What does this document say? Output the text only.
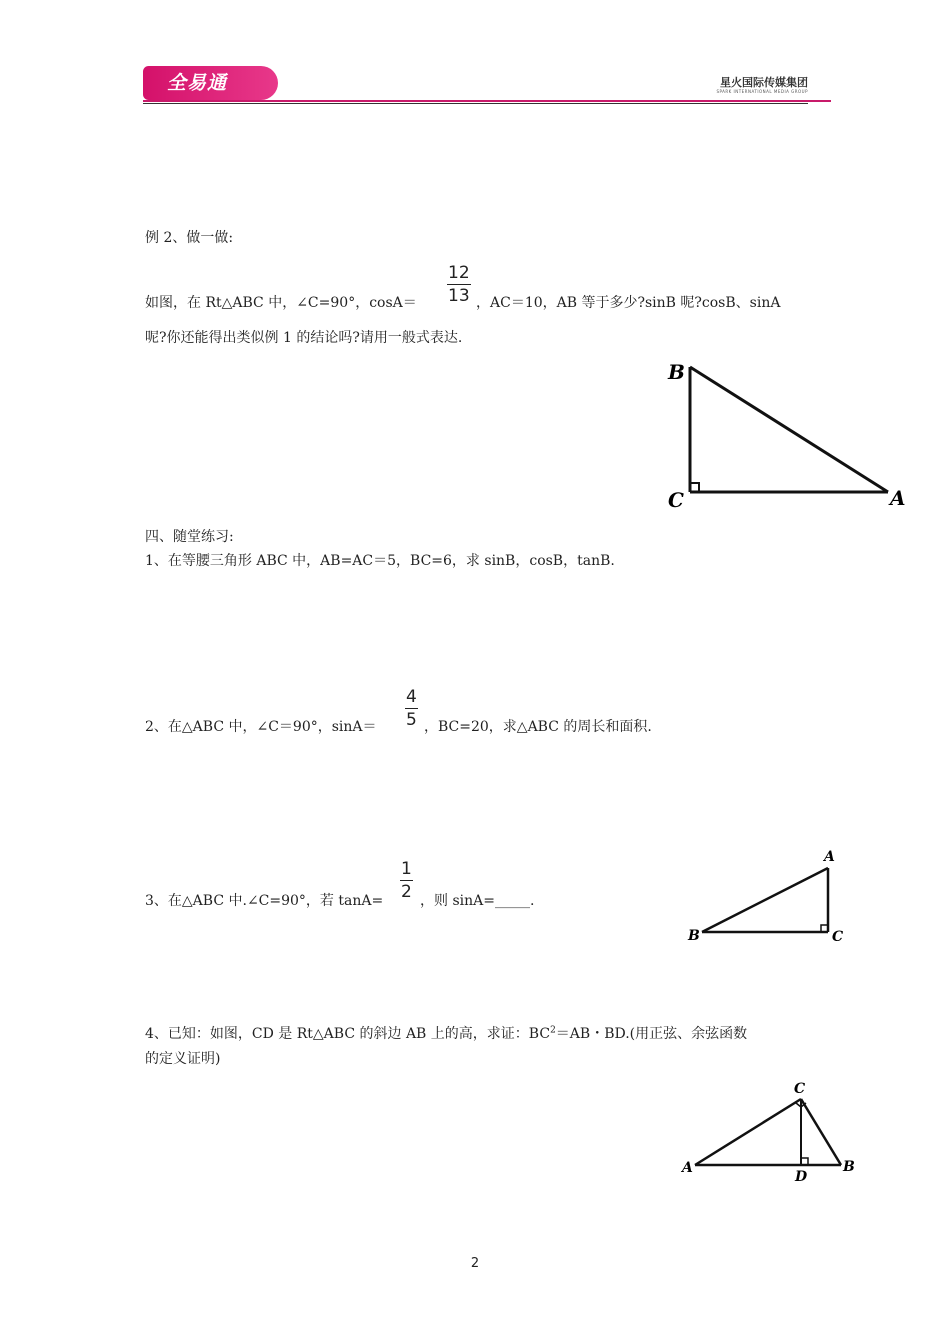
全易通	星火国际传媒集团
SPARK INTERNATIONAL MEDIA GROUP
例 2、做一做:
如图，在 Rt△ABC 中，∠C=90°，$\cos A= \frac{12}{13}$ ，AC＝10，AB 等于多少?sinB 呢?cosB、sinA
呢?你还能得出类似例 1 的结论吗?请用一般式表达.
B
C	A
四、随堂练习:
1、在等腰三角形 ABC 中，AB=AC＝5，BC=6，求 sinB，cosB，tanB.
2、在△ABC 中，∠C＝90°，$\sin A= \frac{4}{5}$ ，BC=20，求△ABC 的周长和面积.
3、在△ABC 中.∠C=90°，若 $\tan A= \frac{1}{2}$ ，则 sinA=_____.
A
B	C
4、已知：如图，CD 是 Rt△ABC 的斜边 AB 上的高，求证：$BC^2=AB$・BD.(用正弦、余弦函数
的定义证明)
C
A	B
D
2
